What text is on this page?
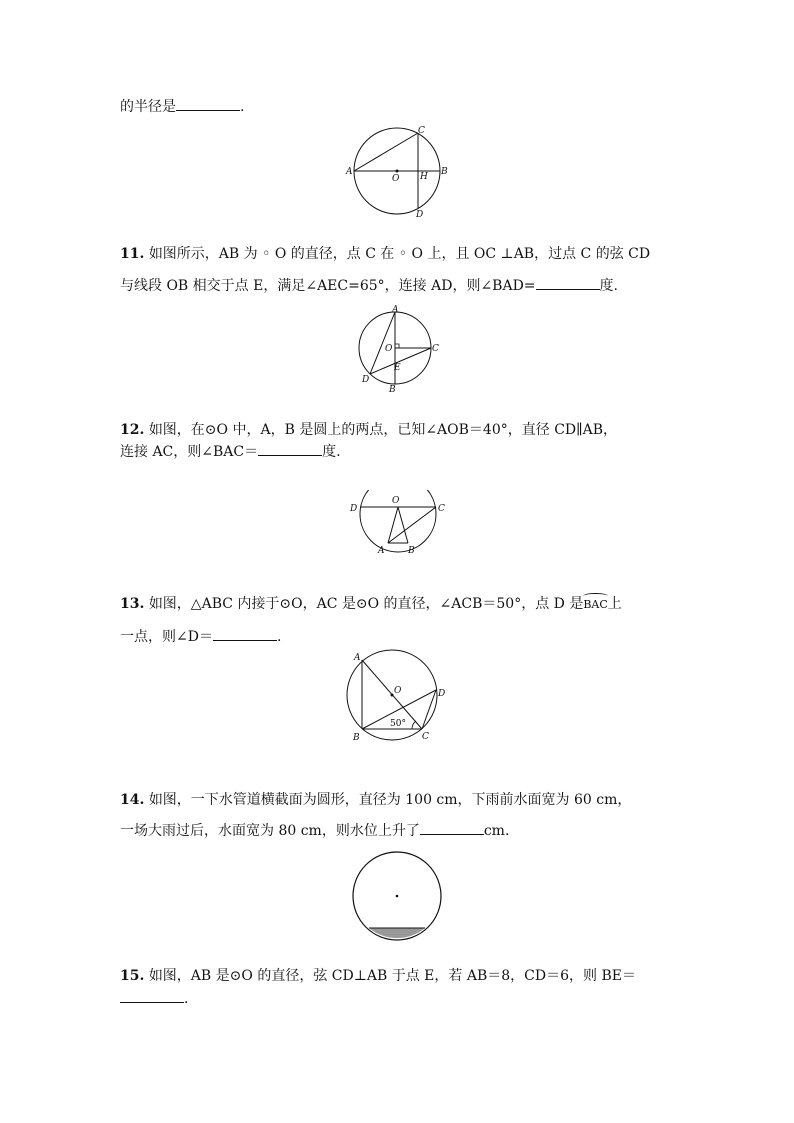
的半径是	.
A
O H B
C
D
11. 如图所示，AB 为 ◦ O 的直径，点 C 在 ◦ O 上，且 OC ⊥AB，过点 C 的弦 CD
与线段 OB 相交于点 E，满足∠AEC=65°，连接 AD，则∠BAD=	度.
A
O	C
D
E
B
12. 如图，在⊙O 中，A，B 是圆上的两点，已知∠AOB＝40°，直径 CD∥AB，
连接 AC，则∠BAC＝	度.
D
O
C
A	B
13. 如图，△ABC 内接于⊙O，AC 是⊙O 的直径，∠ACB＝50°，点 D 是BAC上
一点，则∠D＝	.
A
O	D
B	C
50°
14. 如图，一下水管道横截面为圆形，直径为 100 cm，下雨前水面宽为 60 cm，
一场大雨过后，水面宽为 80 cm，则水位上升了	cm.
15. 如图，AB 是⊙O 的直径，弦 CD⊥AB 于点 E，若 AB＝8，CD＝6，则 BE＝
.
